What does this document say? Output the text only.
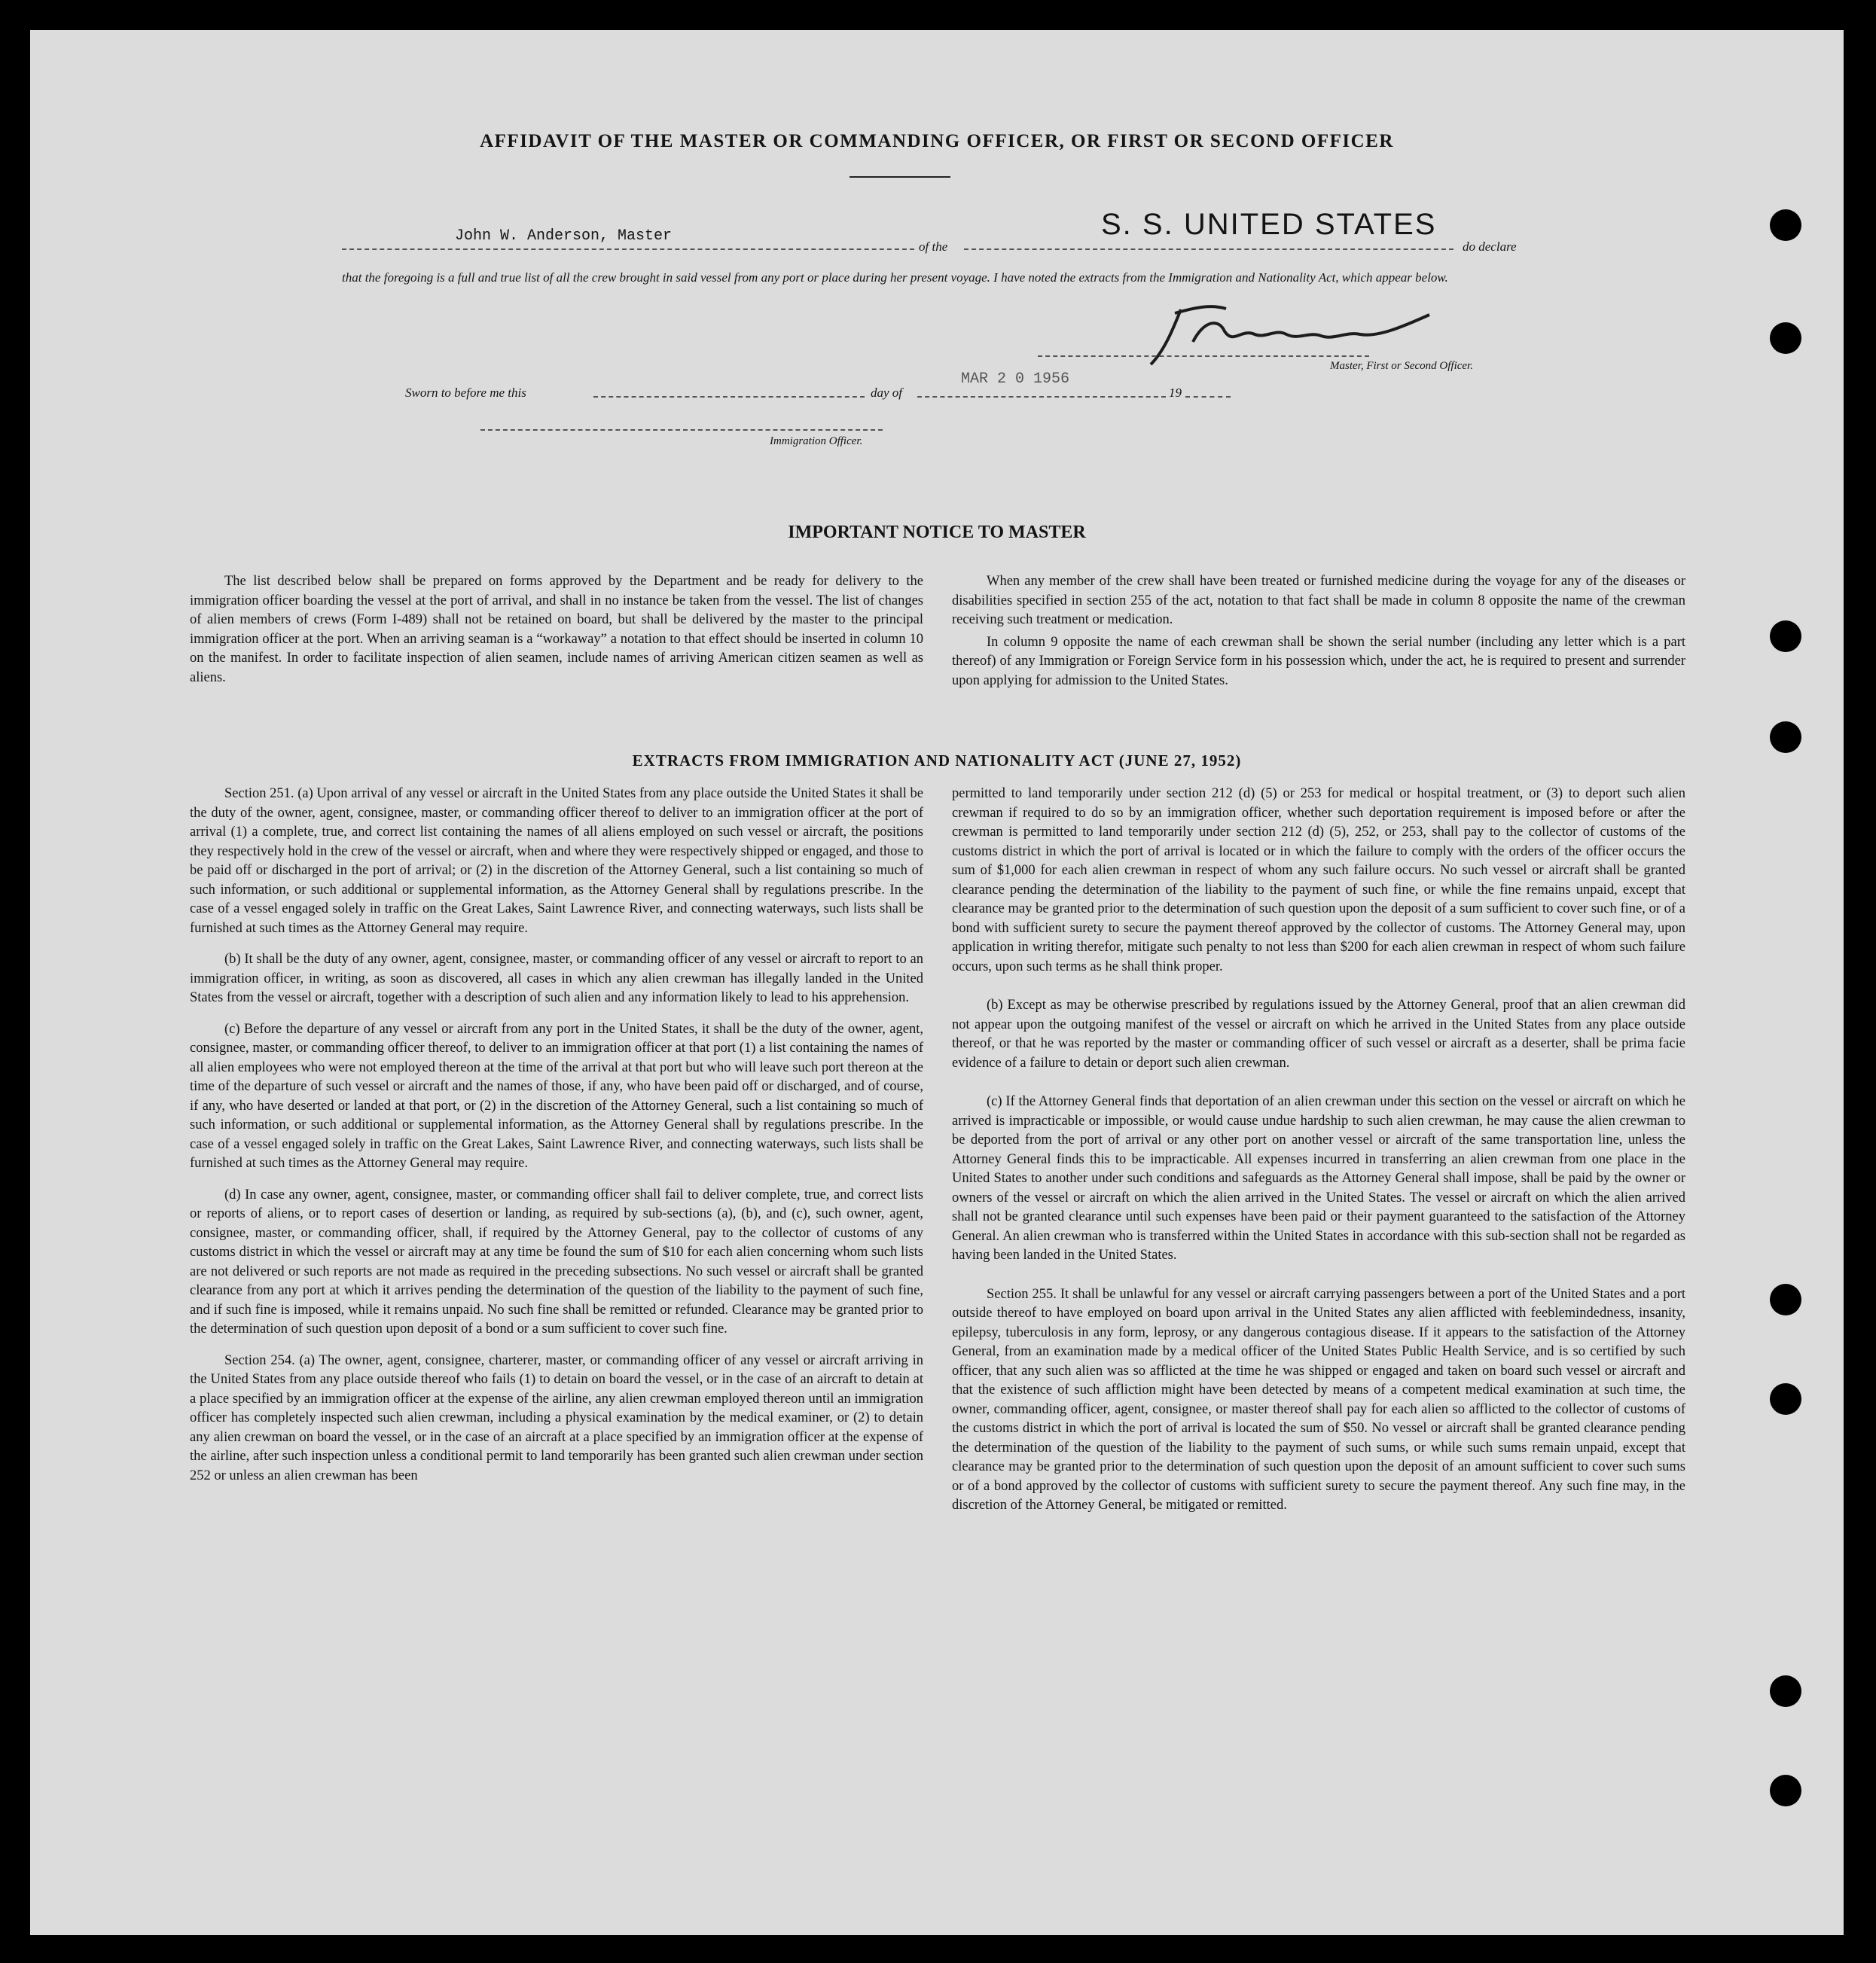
AFFIDAVIT OF THE MASTER OR COMMANDING OFFICER, OR FIRST OR SECOND OFFICER
John W. Anderson, Master
of the
S. S. UNITED STATES
do declare
that the foregoing is a full and true list of all the crew brought in said vessel from any port or place during her present voyage. I have noted the extracts from the Immigration and Nationality Act, which appear below.
Master, First or Second Officer.
Sworn to before me this	day of
MAR 2 0 1956
19
Immigration Officer.
IMPORTANT NOTICE TO MASTER

The list described below shall be prepared on forms approved by the Department and be ready for delivery to the immigration officer boarding the vessel at the port of arrival, and shall in no instance be taken from the vessel. The list of changes of alien members of crews (Form I-489) shall not be retained on board, but shall be delivered by the master to the principal immigration officer at the port. When an arriving seaman is a “workaway” a notation to that effect should be inserted in column 10 on the manifest. In order to facilitate inspection of alien seamen, include names of arriving American citizen seamen as well as aliens.

When any member of the crew shall have been treated or furnished medicine during the voyage for any of the diseases or disabilities specified in section 255 of the act, notation to that fact shall be made in column 8 opposite the name of the crewman receiving such treatment or medication.

In column 9 opposite the name of each crewman shall be shown the serial number (including any letter which is a part thereof) of any Immigration or Foreign Service form in his possession which, under the act, he is required to present and surrender upon applying for admission to the United States.

EXTRACTS FROM IMMIGRATION AND NATIONALITY ACT (JUNE 27, 1952)

Section 251. (a) Upon arrival of any vessel or aircraft in the United States from any place outside the United States it shall be the duty of the owner, agent, consignee, master, or commanding officer thereof to deliver to an immigration officer at the port of arrival (1) a complete, true, and correct list containing the names of all aliens employed on such vessel or aircraft, the positions they respectively hold in the crew of the vessel or aircraft, when and where they were respectively shipped or engaged, and those to be paid off or discharged in the port of arrival; or (2) in the discretion of the Attorney General, such a list containing so much of such information, or such additional or supplemental information, as the Attorney General shall by regulations prescribe. In the case of a vessel engaged solely in traffic on the Great Lakes, Saint Lawrence River, and connecting waterways, such lists shall be furnished at such times as the Attorney General may require.

(b) It shall be the duty of any owner, agent, consignee, master, or commanding officer of any vessel or aircraft to report to an immigration officer, in writing, as soon as discovered, all cases in which any alien crewman has illegally landed in the United States from the vessel or aircraft, together with a description of such alien and any information likely to lead to his apprehension.

(c) Before the departure of any vessel or aircraft from any port in the United States, it shall be the duty of the owner, agent, consignee, master, or commanding officer thereof, to deliver to an immigration officer at that port (1) a list containing the names of all alien employees who were not employed thereon at the time of the arrival at that port but who will leave such port thereon at the time of the departure of such vessel or aircraft and the names of those, if any, who have been paid off or discharged, and of course, if any, who have deserted or landed at that port, or (2) in the discretion of the Attorney General, such a list containing so much of such information, or such additional or supplemental information, as the Attorney General shall by regulations prescribe. In the case of a vessel engaged solely in traffic on the Great Lakes, Saint Lawrence River, and connecting waterways, such lists shall be furnished at such times as the Attorney General may require.

(d) In case any owner, agent, consignee, master, or commanding officer shall fail to deliver complete, true, and correct lists or reports of aliens, or to report cases of desertion or landing, as required by sub-sections (a), (b), and (c), such owner, agent, consignee, master, or commanding officer, shall, if required by the Attorney General, pay to the collector of customs of any customs district in which the vessel or aircraft may at any time be found the sum of $10 for each alien concerning whom such lists are not delivered or such reports are not made as required in the preceding subsections. No such vessel or aircraft shall be granted clearance from any port at which it arrives pending the determination of the question of the liability to the payment of such fine, and if such fine is imposed, while it remains unpaid. No such fine shall be remitted or refunded. Clearance may be granted prior to the determination of such question upon deposit of a bond or a sum sufficient to cover such fine.

Section 254. (a) The owner, agent, consignee, charterer, master, or commanding officer of any vessel or aircraft arriving in the United States from any place outside thereof who fails (1) to detain on board the vessel, or in the case of an aircraft to detain at a place specified by an immigration officer at the expense of the airline, any alien crewman employed thereon until an immigration officer has completely inspected such alien crewman, including a physical examination by the medical examiner, or (2) to detain any alien crewman on board the vessel, or in the case of an aircraft at a place specified by an immigration officer at the expense of the airline, after such inspection unless a conditional permit to land temporarily has been granted such alien crewman under section 252 or unless an alien crewman has been

permitted to land temporarily under section 212 (d) (5) or 253 for medical or hospital treatment, or (3) to deport such alien crewman if required to do so by an immigration officer, whether such deportation requirement is imposed before or after the crewman is permitted to land temporarily under section 212 (d) (5), 252, or 253, shall pay to the collector of customs of the customs district in which the port of arrival is located or in which the failure to comply with the orders of the officer occurs the sum of $1,000 for each alien crewman in respect of whom any such failure occurs. No such vessel or aircraft shall be granted clearance pending the determination of the liability to the payment of such fine, or while the fine remains unpaid, except that clearance may be granted prior to the determination of such question upon the deposit of a sum sufficient to cover such fine, or of a bond with sufficient surety to secure the payment thereof approved by the collector of customs. The Attorney General may, upon application in writing therefor, mitigate such penalty to not less than $200 for each alien crewman in respect of whom such failure occurs, upon such terms as he shall think proper.

(b) Except as may be otherwise prescribed by regulations issued by the Attorney General, proof that an alien crewman did not appear upon the outgoing manifest of the vessel or aircraft on which he arrived in the United States from any place outside thereof, or that he was reported by the master or commanding officer of such vessel or aircraft as a deserter, shall be prima facie evidence of a failure to detain or deport such alien crewman.

(c) If the Attorney General finds that deportation of an alien crewman under this section on the vessel or aircraft on which he arrived is impracticable or impossible, or would cause undue hardship to such alien crewman, he may cause the alien crewman to be deported from the port of arrival or any other port on another vessel or aircraft of the same transportation line, unless the Attorney General finds this to be impracticable. All expenses incurred in transferring an alien crewman from one place in the United States to another under such conditions and safeguards as the Attorney General shall impose, shall be paid by the owner or owners of the vessel or aircraft on which the alien arrived in the United States. The vessel or aircraft on which the alien arrived shall not be granted clearance until such expenses have been paid or their payment guaranteed to the satisfaction of the Attorney General. An alien crewman who is transferred within the United States in accordance with this sub-section shall not be regarded as having been landed in the United States.

Section 255. It shall be unlawful for any vessel or aircraft carrying passengers between a port of the United States and a port outside thereof to have employed on board upon arrival in the United States any alien afflicted with feeblemindedness, insanity, epilepsy, tuberculosis in any form, leprosy, or any dangerous contagious disease. If it appears to the satisfaction of the Attorney General, from an examination made by a medical officer of the United States Public Health Service, and is so certified by such officer, that any such alien was so afflicted at the time he was shipped or engaged and taken on board such vessel or aircraft and that the existence of such affliction might have been detected by means of a competent medical examination at such time, the owner, commanding officer, agent, consignee, or master thereof shall pay for each alien so afflicted to the collector of customs of the customs district in which the port of arrival is located the sum of $50. No vessel or aircraft shall be granted clearance pending the determination of the question of the liability to the payment of such sums, or while such sums remain unpaid, except that clearance may be granted prior to the determination of such question upon the deposit of an amount sufficient to cover such sums or of a bond approved by the collector of customs with sufficient surety to secure the payment thereof. Any such fine may, in the discretion of the Attorney General, be mitigated or remitted.
